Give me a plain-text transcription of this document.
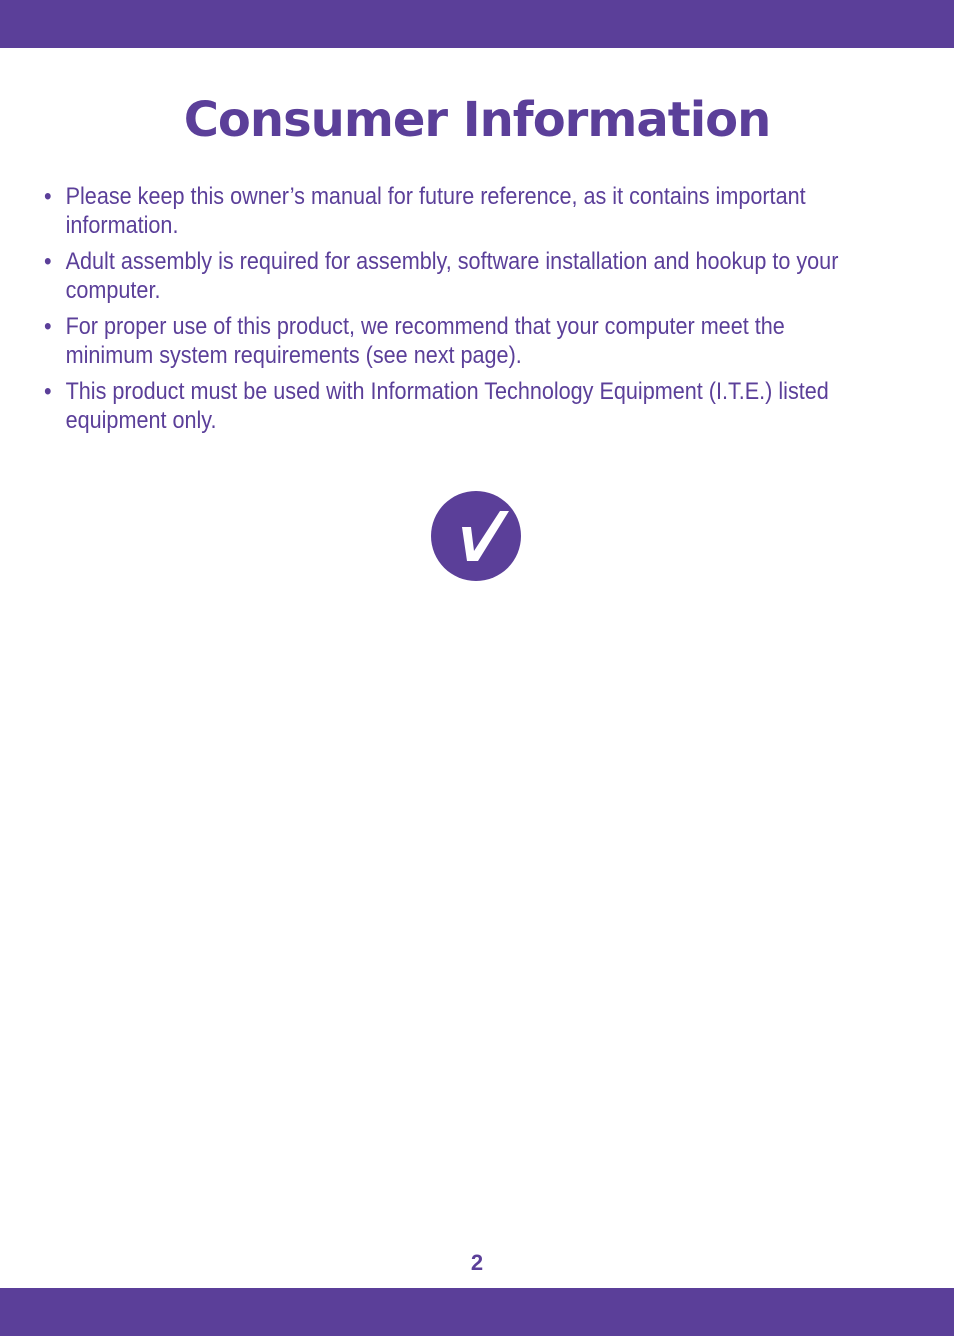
Consumer Information
• Please keep this owner’s manual for future reference, as it contains important information.
• Adult assembly is required for assembly, software installation and hookup to your computer.
• For proper use of this product, we recommend that your computer meet the minimum system requirements (see next page).
• This product must be used with Information Technology Equipment (I.T.E.) listed equipment only.
2
